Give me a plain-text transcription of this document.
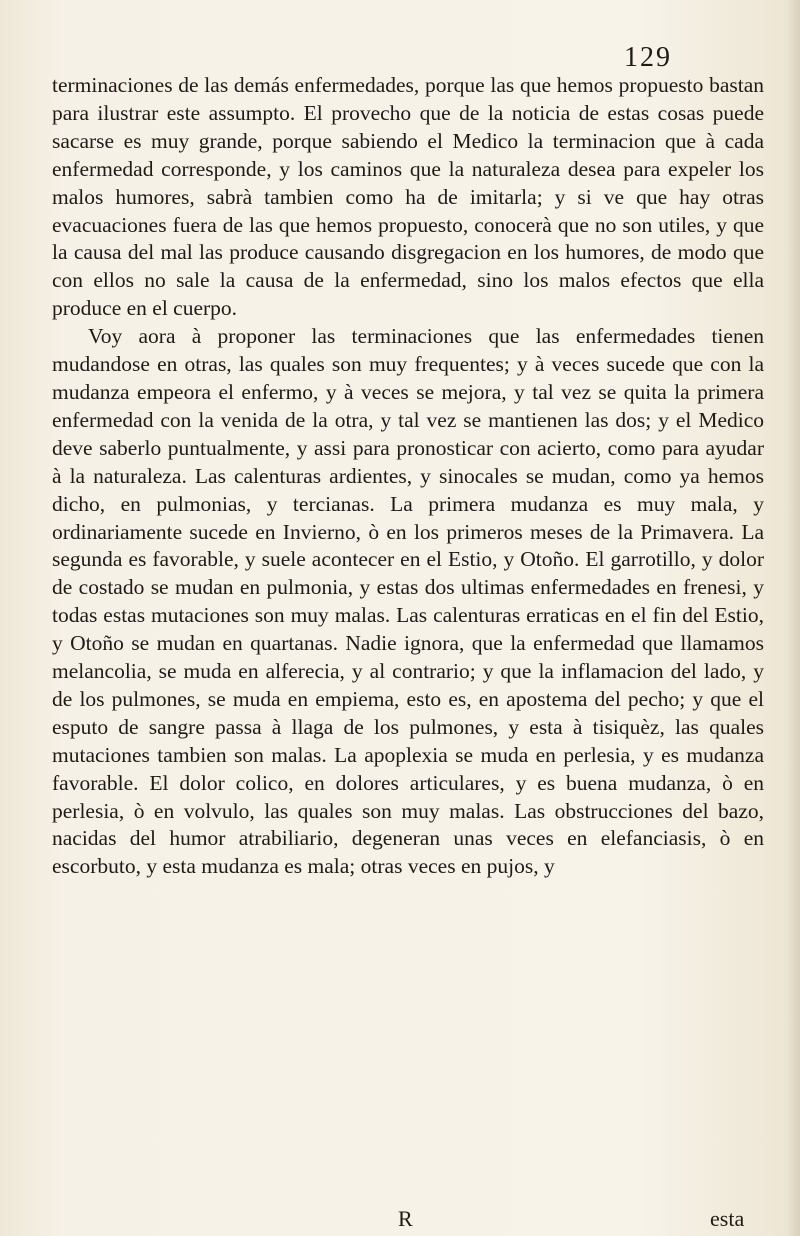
129

terminaciones de las demás enfermedades, porque las que hemos propuesto bastan para ilustrar este assumpto. El provecho que de la noticia de estas cosas puede sacarse es muy grande, porque sabiendo el Medico la terminacion que à cada enfermedad corresponde, y los caminos que la naturaleza desea para expeler los malos humores, sabrà tambien como ha de imitarla; y si ve que hay otras evacuaciones fuera de las que hemos propuesto, conocerà que no son utiles, y que la causa del mal las produce causando disgregacion en los humores, de modo que con ellos no sale la causa de la enfermedad, sino los malos efectos que ella produce en el cuerpo.

Voy aora à proponer las terminaciones que las enfermedades tienen mudandose en otras, las quales son muy frequentes; y à veces sucede que con la mudanza empeora el enfermo, y à veces se mejora, y tal vez se quita la primera enfermedad con la venida de la otra, y tal vez se mantienen las dos; y el Medico deve saberlo puntualmente, y assi para pronosticar con acierto, como para ayudar à la naturaleza. Las calenturas ardientes, y sinocales se mudan, como ya hemos dicho, en pulmonias, y tercianas. La primera mudanza es muy mala, y ordinariamente sucede en Invierno, ò en los primeros meses de la Primavera. La segunda es favorable, y suele acontecer en el Estio, y Otoño. El garrotillo, y dolor de costado se mudan en pulmonia, y estas dos ultimas enfermedades en frenesi, y todas estas mutaciones son muy malas. Las calenturas erraticas en el fin del Estio, y Otoño se mudan en quartanas. Nadie ignora, que la enfermedad que llamamos melancolia, se muda en alferecia, y al contrario; y que la inflamacion del lado, y de los pulmones, se muda en empiema, esto es, en apostema del pecho; y que el esputo de sangre passa à llaga de los pulmones, y esta à tisiquèz, las quales mutaciones tambien son malas. La apoplexia se muda en perlesia, y es mudanza favorable. El dolor colico, en dolores articulares, y es buena mudanza, ò en perlesia, ò en volvulo, las quales son muy malas. Las obstrucciones del bazo, nacidas del humor atrabiliario, degeneran unas veces en elefanciasis, ò en escorbuto, y esta mudanza es mala; otras veces en pujos, y

R	esta
